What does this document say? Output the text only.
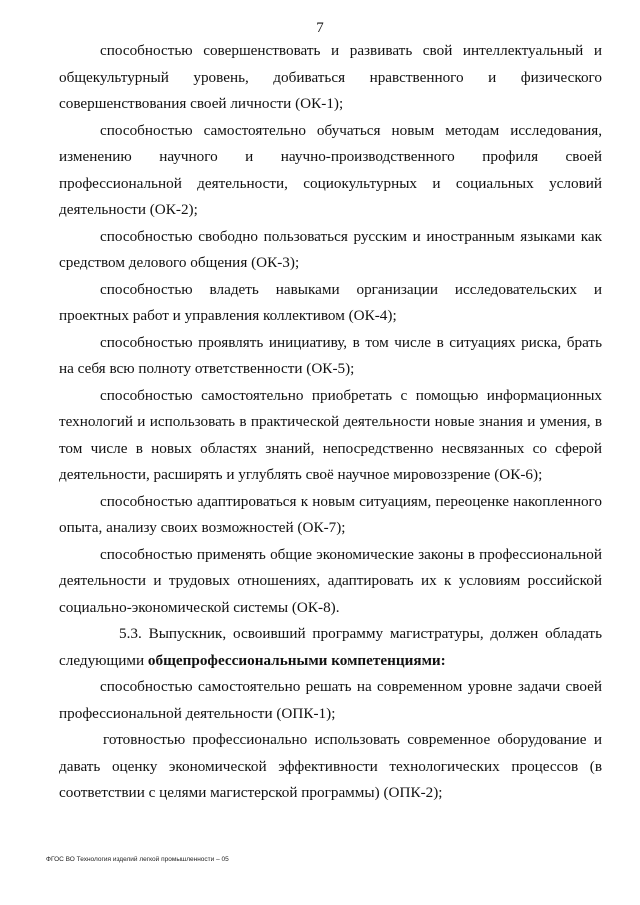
7

способностью совершенствовать и развивать свой интеллектуальный и общекультурный уровень, добиваться нравственного и физического совершенствования своей личности (ОК-1);

способностью самостоятельно обучаться новым методам исследования, изменению научного и научно-производственного профиля своей профессиональной деятельности, социокультурных и социальных условий деятельности (ОК-2);

способностью свободно пользоваться русским и иностранным языками как средством делового общения (ОК-3);

способностью владеть навыками организации исследовательских и проектных работ и управления коллективом (ОК-4);

способностью проявлять инициативу, в том числе в ситуациях риска, брать на себя всю полноту ответственности (ОК-5);

способностью самостоятельно приобретать с помощью информационных технологий и использовать в практической деятельности новые знания и умения, в том числе в новых областях знаний, непосредственно несвязанных со сферой деятельности, расширять и углублять своё научное мировоззрение (ОК-6);

способностью адаптироваться к новым ситуациям, переоценке накопленного опыта, анализу своих возможностей (ОК-7);

способностью применять общие экономические законы в профессиональной деятельности и трудовых отношениях, адаптировать их к условиям российской социально-экономической системы (ОК-8).

5.3. Выпускник, освоивший программу магистратуры, должен обладать следующими общепрофессиональными компетенциями:

способностью самостоятельно решать на современном уровне задачи своей профессиональной деятельности (ОПК-1);

готовностью профессионально использовать современное оборудование и давать оценку экономической эффективности технологических процессов (в соответствии с целями магистерской программы) (ОПК-2);

ФГОС ВО Технология изделий легкой промышленности – 05
